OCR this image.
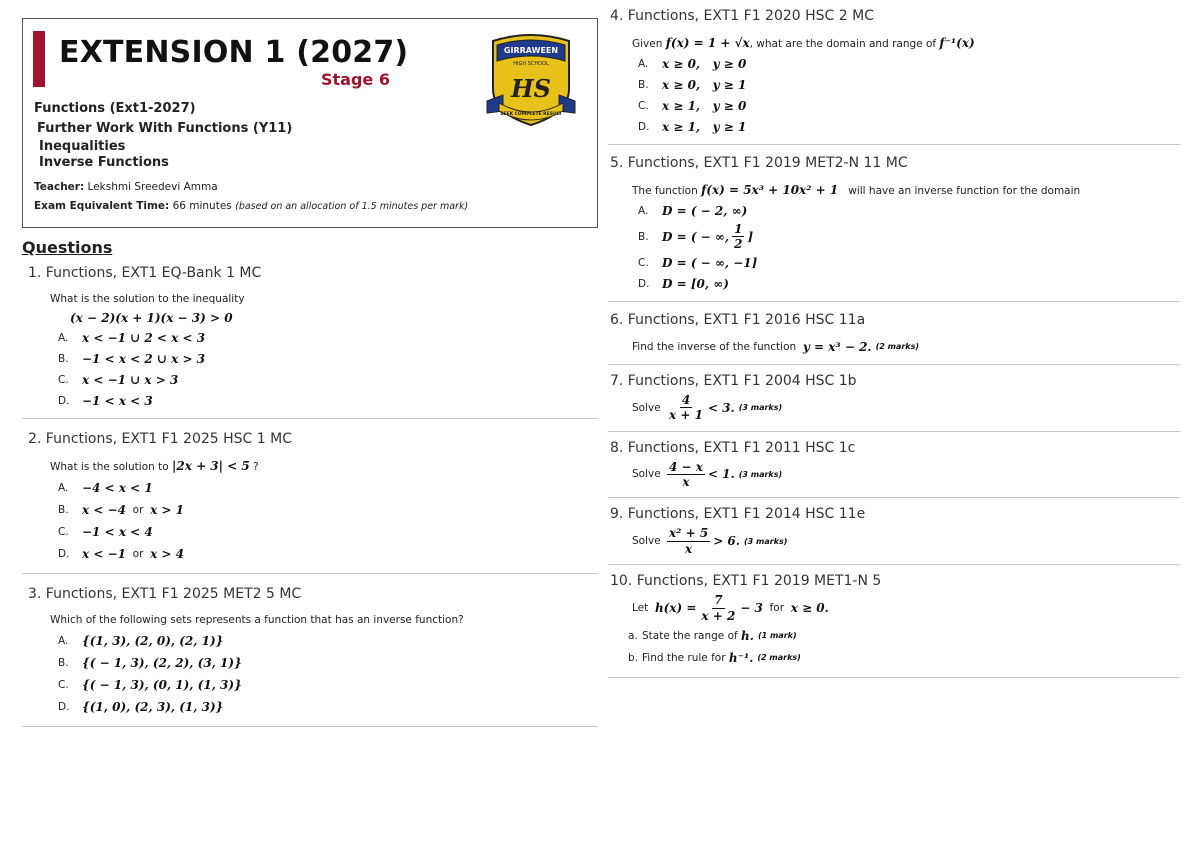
EXTENSION 1 (2027)
Stage 6
GIRRAWEEN
HIGH SCHOOL
HS
SEEK COMPLETE RESULT
Functions (Ext1-2027)
Further Work With Functions (Y11)
Inequalities
Inverse Functions
Teacher: Lekshmi Sreedevi Amma
Exam Equivalent Time: 66 minutes (based on an allocation of 1.5 minutes per mark)
Questions
1. Functions, EXT1 EQ-Bank 1 MC
What is the solution to the inequality
(x − 2)(x + 1)(x − 3) > 0
A.	x < −1 ∪ 2 < x < 3
B.	−1 < x < 2 ∪ x > 3
C.	x < −1 ∪ x > 3
D.	−1 < x < 3
2. Functions, EXT1 F1 2025 HSC 1 MC
What is the solution to |2x + 3| < 5 ?
A.	−4 < x < 1
B.	x < −4
or
x > 1
C.	−1 < x < 4
D.	x < −1
or
x > 4
3. Functions, EXT1 F1 2025 MET2 5 MC
Which of the following sets represents a function that has an inverse function?
A.	{(1, 3), (2, 0), (2, 1)}
B.	{( − 1, 3), (2, 2), (3, 1)}
C.	{( − 1, 3), (0, 1), (1, 3)}
D.	{(1, 0), (2, 3), (1, 3)}
4. Functions, EXT1 F1 2020 HSC 2 MC
Given f(x) = 1 + √x, what are the domain and range of f⁻¹(x)
A.	x ≥ 0,   y ≥ 0
B.	x ≥ 0,   y ≥ 1
C.	x ≥ 1,   y ≥ 0
D.	x ≥ 1,   y ≥ 1
5. Functions, EXT1 F1 2019 MET2-N 11 MC
The function f(x) = 5x³ + 10x² + 1 will have an inverse function for the domain
A.	D = ( − 2, ∞)
B.	D = ( − ∞, $\frac{1}{2}$ ]
C.	D = ( − ∞, −1]
D.	D = [0, ∞)
6. Functions, EXT1 F1 2016 HSC 11a
Find the inverse of the function
y = x³ − 2. (2 marks)
7. Functions, EXT1 F1 2004 HSC 1b
Solve
$\frac{4}{x + 1} < 3$. (3 marks)
8. Functions, EXT1 F1 2011 HSC 1c
Solve
$\frac{4 - x}{x} < 1$. (3 marks)
9. Functions, EXT1 F1 2014 HSC 11e
Solve
$\frac{\text{x² + 5}}{x} > 6$. (3 marks)
10. Functions, EXT1 F1 2019 MET1-N 5
Let
$h(x) = \frac{7}{x + 2} - 3$
for
x ≥ 0.
a. State the range of
h. (1 mark)
b. Find the rule for
h⁻¹. (2 marks)
